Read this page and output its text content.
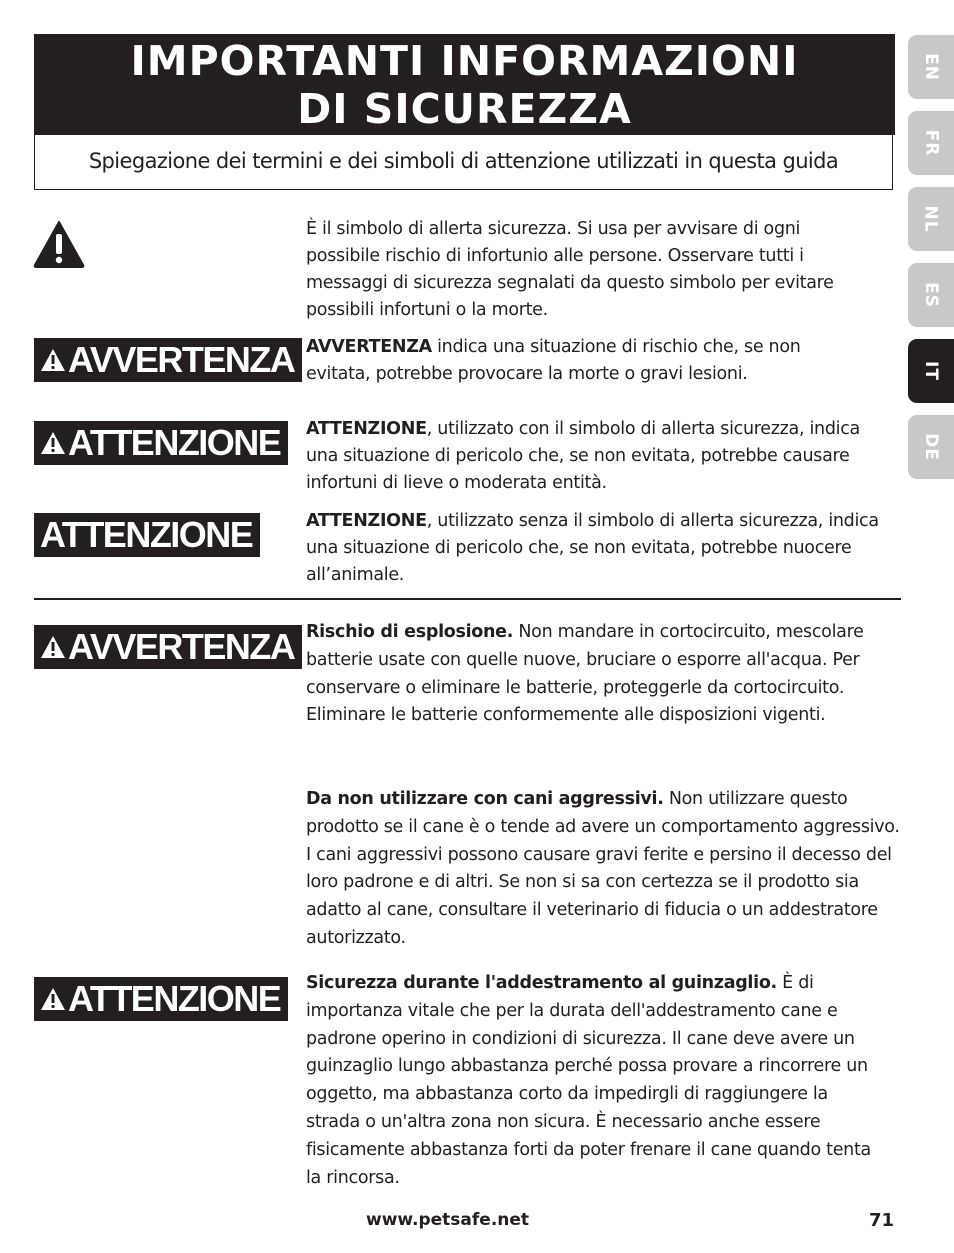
IMPORTANTI INFORMAZIONI
DI SICUREZZA
Spiegazione dei termini e dei simboli di attenzione utilizzati in questa guida
EN
FR
NL
ES
IT
DE
È il simbolo di allerta sicurezza. Si usa per avvisare di ogni possibile rischio di infortunio alle persone. Osservare tutti i messaggi di sicurezza segnalati da questo simbolo per evitare possibili infortuni o la morte.
AVVERTENZA AVVERTENZA indica una situazione di rischio che, se non evitata, potrebbe provocare la morte o gravi lesioni.
ATTENZIONE ATTENZIONE, utilizzato con il simbolo di allerta sicurezza, indica una situazione di pericolo che, se non evitata, potrebbe causare infortuni di lieve o moderata entità.
ATTENZIONE	ATTENZIONE, utilizzato senza il simbolo di allerta sicurezza, indica una situazione di pericolo che, se non evitata, potrebbe nuocere all’animale.
AVVERTENZA Rischio di esplosione. Non mandare in cortocircuito, mescolare batterie usate con quelle nuove, bruciare o esporre all'acqua. Per conservare o eliminare le batterie, proteggerle da cortocircuito. Eliminare le batterie conformemente alle disposizioni vigenti.
Da non utilizzare con cani aggressivi. Non utilizzare questo prodotto se il cane è o tende ad avere un comportamento aggressivo. I cani aggressivi possono causare gravi ferite e persino il decesso del loro padrone e di altri. Se non si sa con certezza se il prodotto sia adatto al cane, consultare il veterinario di fiducia o un addestratore autorizzato.
ATTENZIONE Sicurezza durante l'addestramento al guinzaglio. È di importanza vitale che per la durata dell'addestramento cane e padrone operino in condizioni di sicurezza. Il cane deve avere un guinzaglio lungo abbastanza perché possa provare a rincorrere un oggetto, ma abbastanza corto da impedirgli di raggiungere la strada o un'altra zona non sicura. È necessario anche essere fisicamente abbastanza forti da poter frenare il cane quando tenta la rincorsa.
www.petsafe.net	71
